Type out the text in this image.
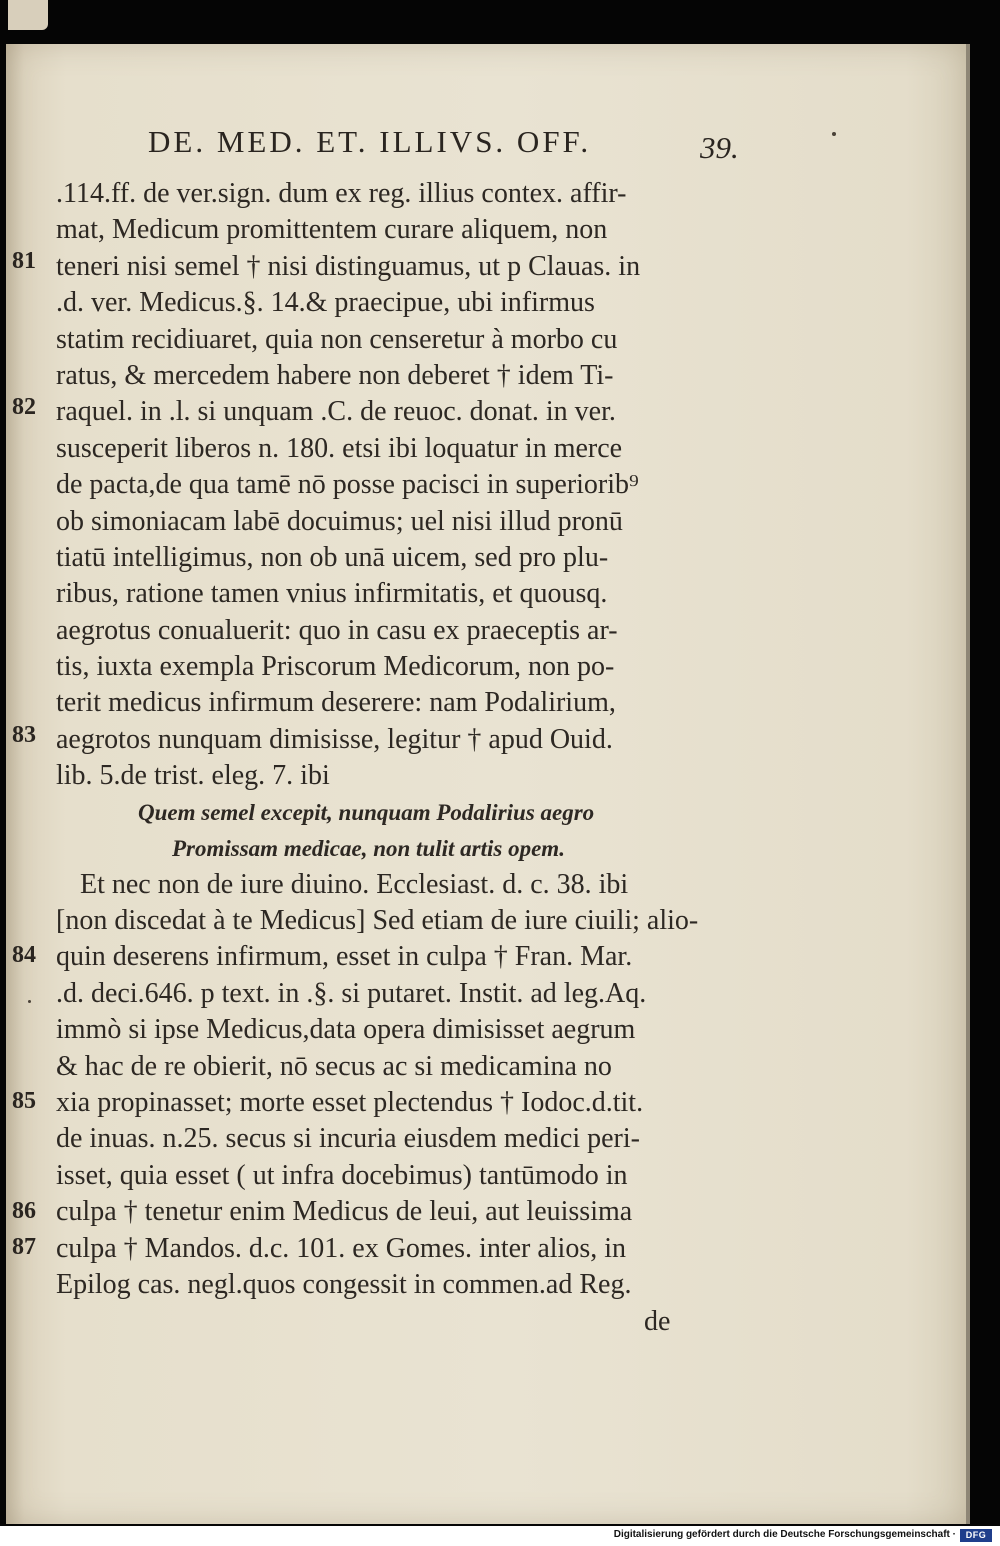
DE. MED. ET. ILLIVS. OFF.	39.
81
82
83
84
85
86
87
.114.ff. de ver.sign. dum ex reg. illius contex. affir-
mat, Medicum promittentem curare aliquem, non
teneri nisi semel † nisi distinguamus, ut p Clauas. in
.d. ver. Medicus.§. 14.& praecipue, ubi infirmus
statim recidiuaret, quia non censeretur à morbo cu
ratus, & mercedem habere non deberet † idem Ti-
raquel. in .l. si unquam .C. de reuoc. donat. in ver.
susceperit liberos n. 180. etsi ibi loquatur in merce
de pacta,de qua tamē nō posse pacisci in superiorib⁹
ob simoniacam labē docuimus; uel nisi illud pronū
tiatū intelligimus, non ob unā uicem, sed pro plu-
ribus, ratione tamen vnius infirmitatis, et quousq.
aegrotus conualuerit: quo in casu ex praeceptis ar-
tis, iuxta exempla Priscorum Medicorum, non po-
terit medicus infirmum deserere: nam Podalirium,
aegrotos nunquam dimisisse, legitur † apud Ouid.
lib. 5.de trist. eleg. 7. ibi
Quem semel excepit, nunquam Podalirius aegro
Promissam medicae, non tulit artis opem.
Et nec non de iure diuino. Ecclesiast. d. c. 38. ibi
[non discedat à te Medicus] Sed etiam de iure ciuili; alio-
quin deserens infirmum, esset in culpa † Fran. Mar.
.d. deci.646. p text. in .§. si putaret. Instit. ad leg.Aq.
immò si ipse Medicus,data opera dimisisset aegrum
& hac de re obierit, nō secus ac si medicamina no
xia propinasset; morte esset plectendus † Iodoc.d.tit.
de inuas. n.25. secus si incuria eiusdem medici peri-
isset, quia esset ( ut infra docebimus) tantūmodo in
culpa † tenetur enim Medicus de leui, aut leuissima
culpa † Mandos. d.c. 101. ex Gomes. inter alios, in
Epilog cas. negl.quos congessit in commen.ad Reg.
de
Digitalisierung gefördert durch die Deutsche Forschungsgemeinschaft ·	DFG
